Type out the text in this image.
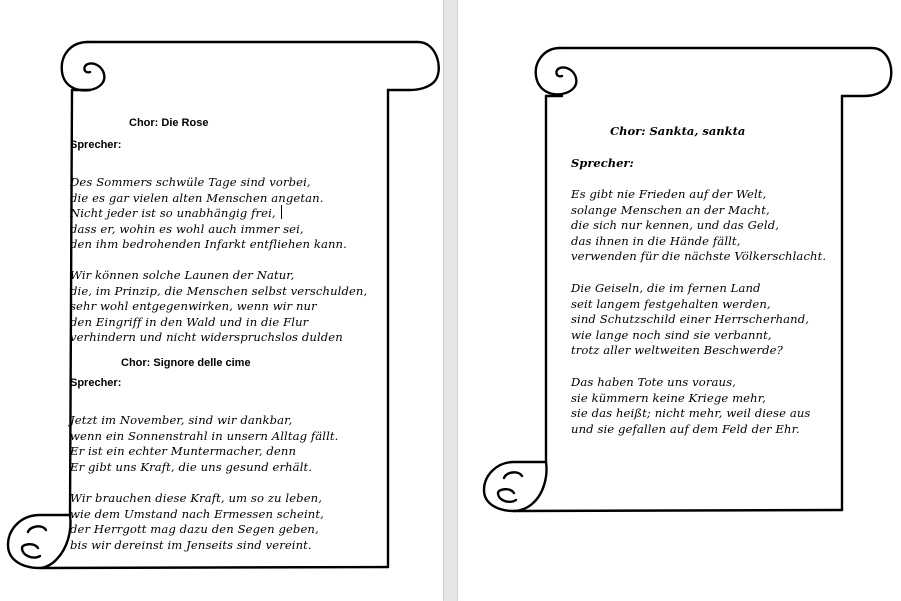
Chor: Die Rose
Sprecher:
Des Sommers schwüle Tage sind vorbei,
die es gar vielen alten Menschen angetan.
Nicht jeder ist so unabhängig frei,
dass er, wohin es wohl auch immer sei,
den ihm bedrohenden Infarkt entfliehen kann.
Wir können solche Launen der Natur,
die, im Prinzip, die Menschen selbst verschulden,
sehr wohl entgegenwirken, wenn wir nur
den Eingriff in den Wald und in die Flur
verhindern und nicht widerspruchslos dulden
Chor: Signore delle cime
Sprecher:
Jetzt im November, sind wir dankbar,
wenn ein Sonnenstrahl in unsern Alltag fällt.
Er ist ein echter Muntermacher, denn
Er gibt uns Kraft, die uns gesund erhält.
Wir brauchen diese Kraft, um so zu leben,
wie dem Umstand nach Ermessen scheint,
der Herrgott mag dazu den Segen geben,
bis wir dereinst im Jenseits sind vereint.
Chor: Sankta, sankta
Sprecher:
Es gibt nie Frieden auf der Welt,
solange Menschen an der Macht,
die sich nur kennen, und das Geld,
das ihnen in die Hände fällt,
verwenden für die nächste Völkerschlacht.
Die Geiseln, die im fernen Land
seit langem festgehalten werden,
sind Schutzschild einer Herrscherhand,
wie lange noch sind sie verbannt,
trotz aller weltweiten Beschwerde?
Das haben Tote uns voraus,
sie kümmern keine Kriege mehr,
sie das heißt; nicht mehr, weil diese aus
und sie gefallen auf dem Feld der Ehr.
